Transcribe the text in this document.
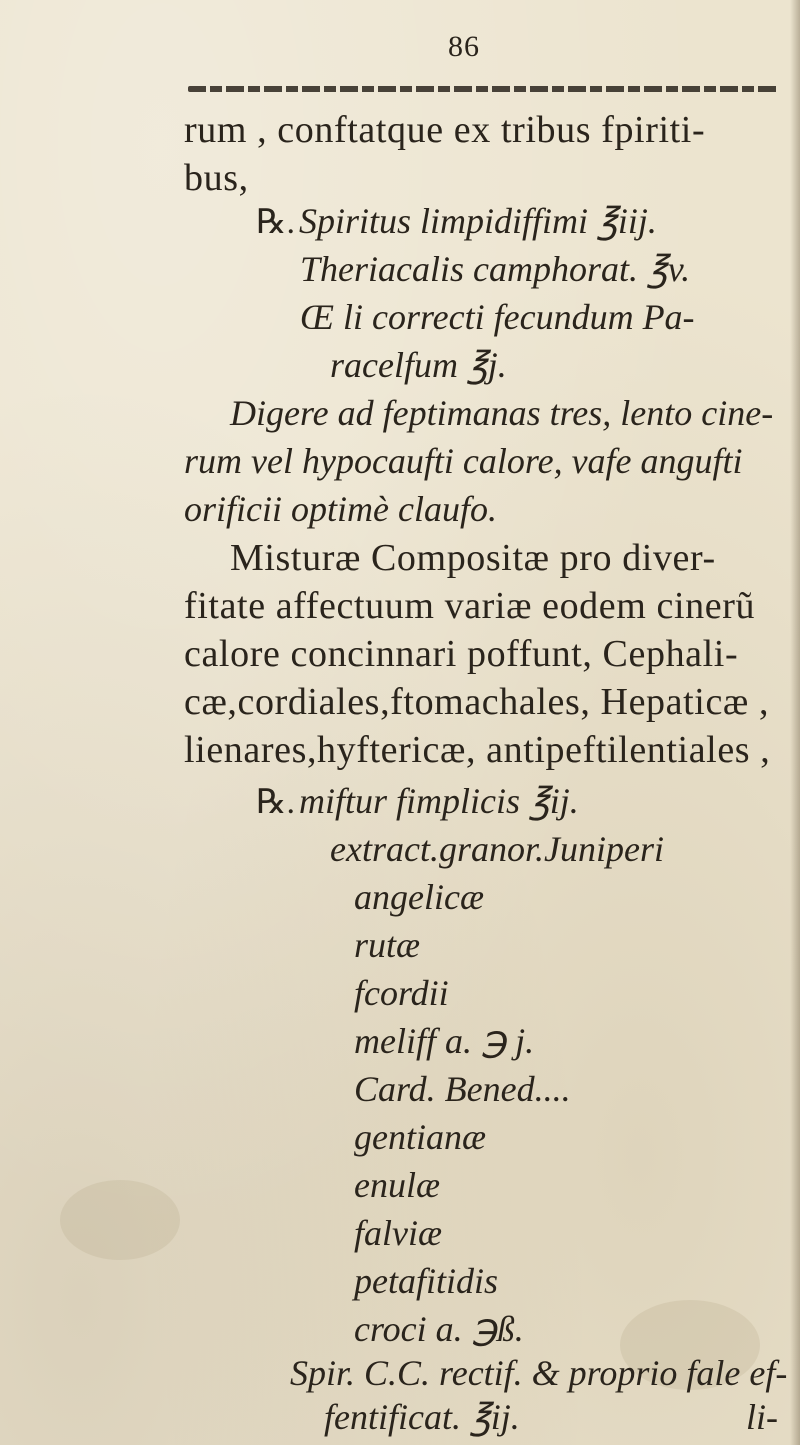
86
rum , conftatque ex tribus fpiriti-
bus,
℞. Spiritus limpidiffimi ℥iij.
Theriacalis camphorat. ℥v.
Œ li correcti fecundum Pa-
racelfum ℥j.
Digere ad feptimanas tres, lento cine-
rum vel hypocaufti calore, vafe angufti
orificii optimè claufo.
Misturæ Compositæ pro diver-
fitate affectuum variæ eodem cinerũ
calore concinnari poffunt, Cephali-
cæ,cordiales,ftomachales, Hepaticæ ,
lienares,hyftericæ, antipeftilentiales ,
℞. miftur fimplicis ℥ij.
extract.granor.Juniperi
angelicæ
rutæ
fcordii
meliff a. ℈ j.
Card. Bened....
gentianæ
enulæ
falviæ
petafitidis
croci a. ℈ß.
Spir. C.C. rectif. & proprio fale ef-
fentificat. ℥ij.	li-
